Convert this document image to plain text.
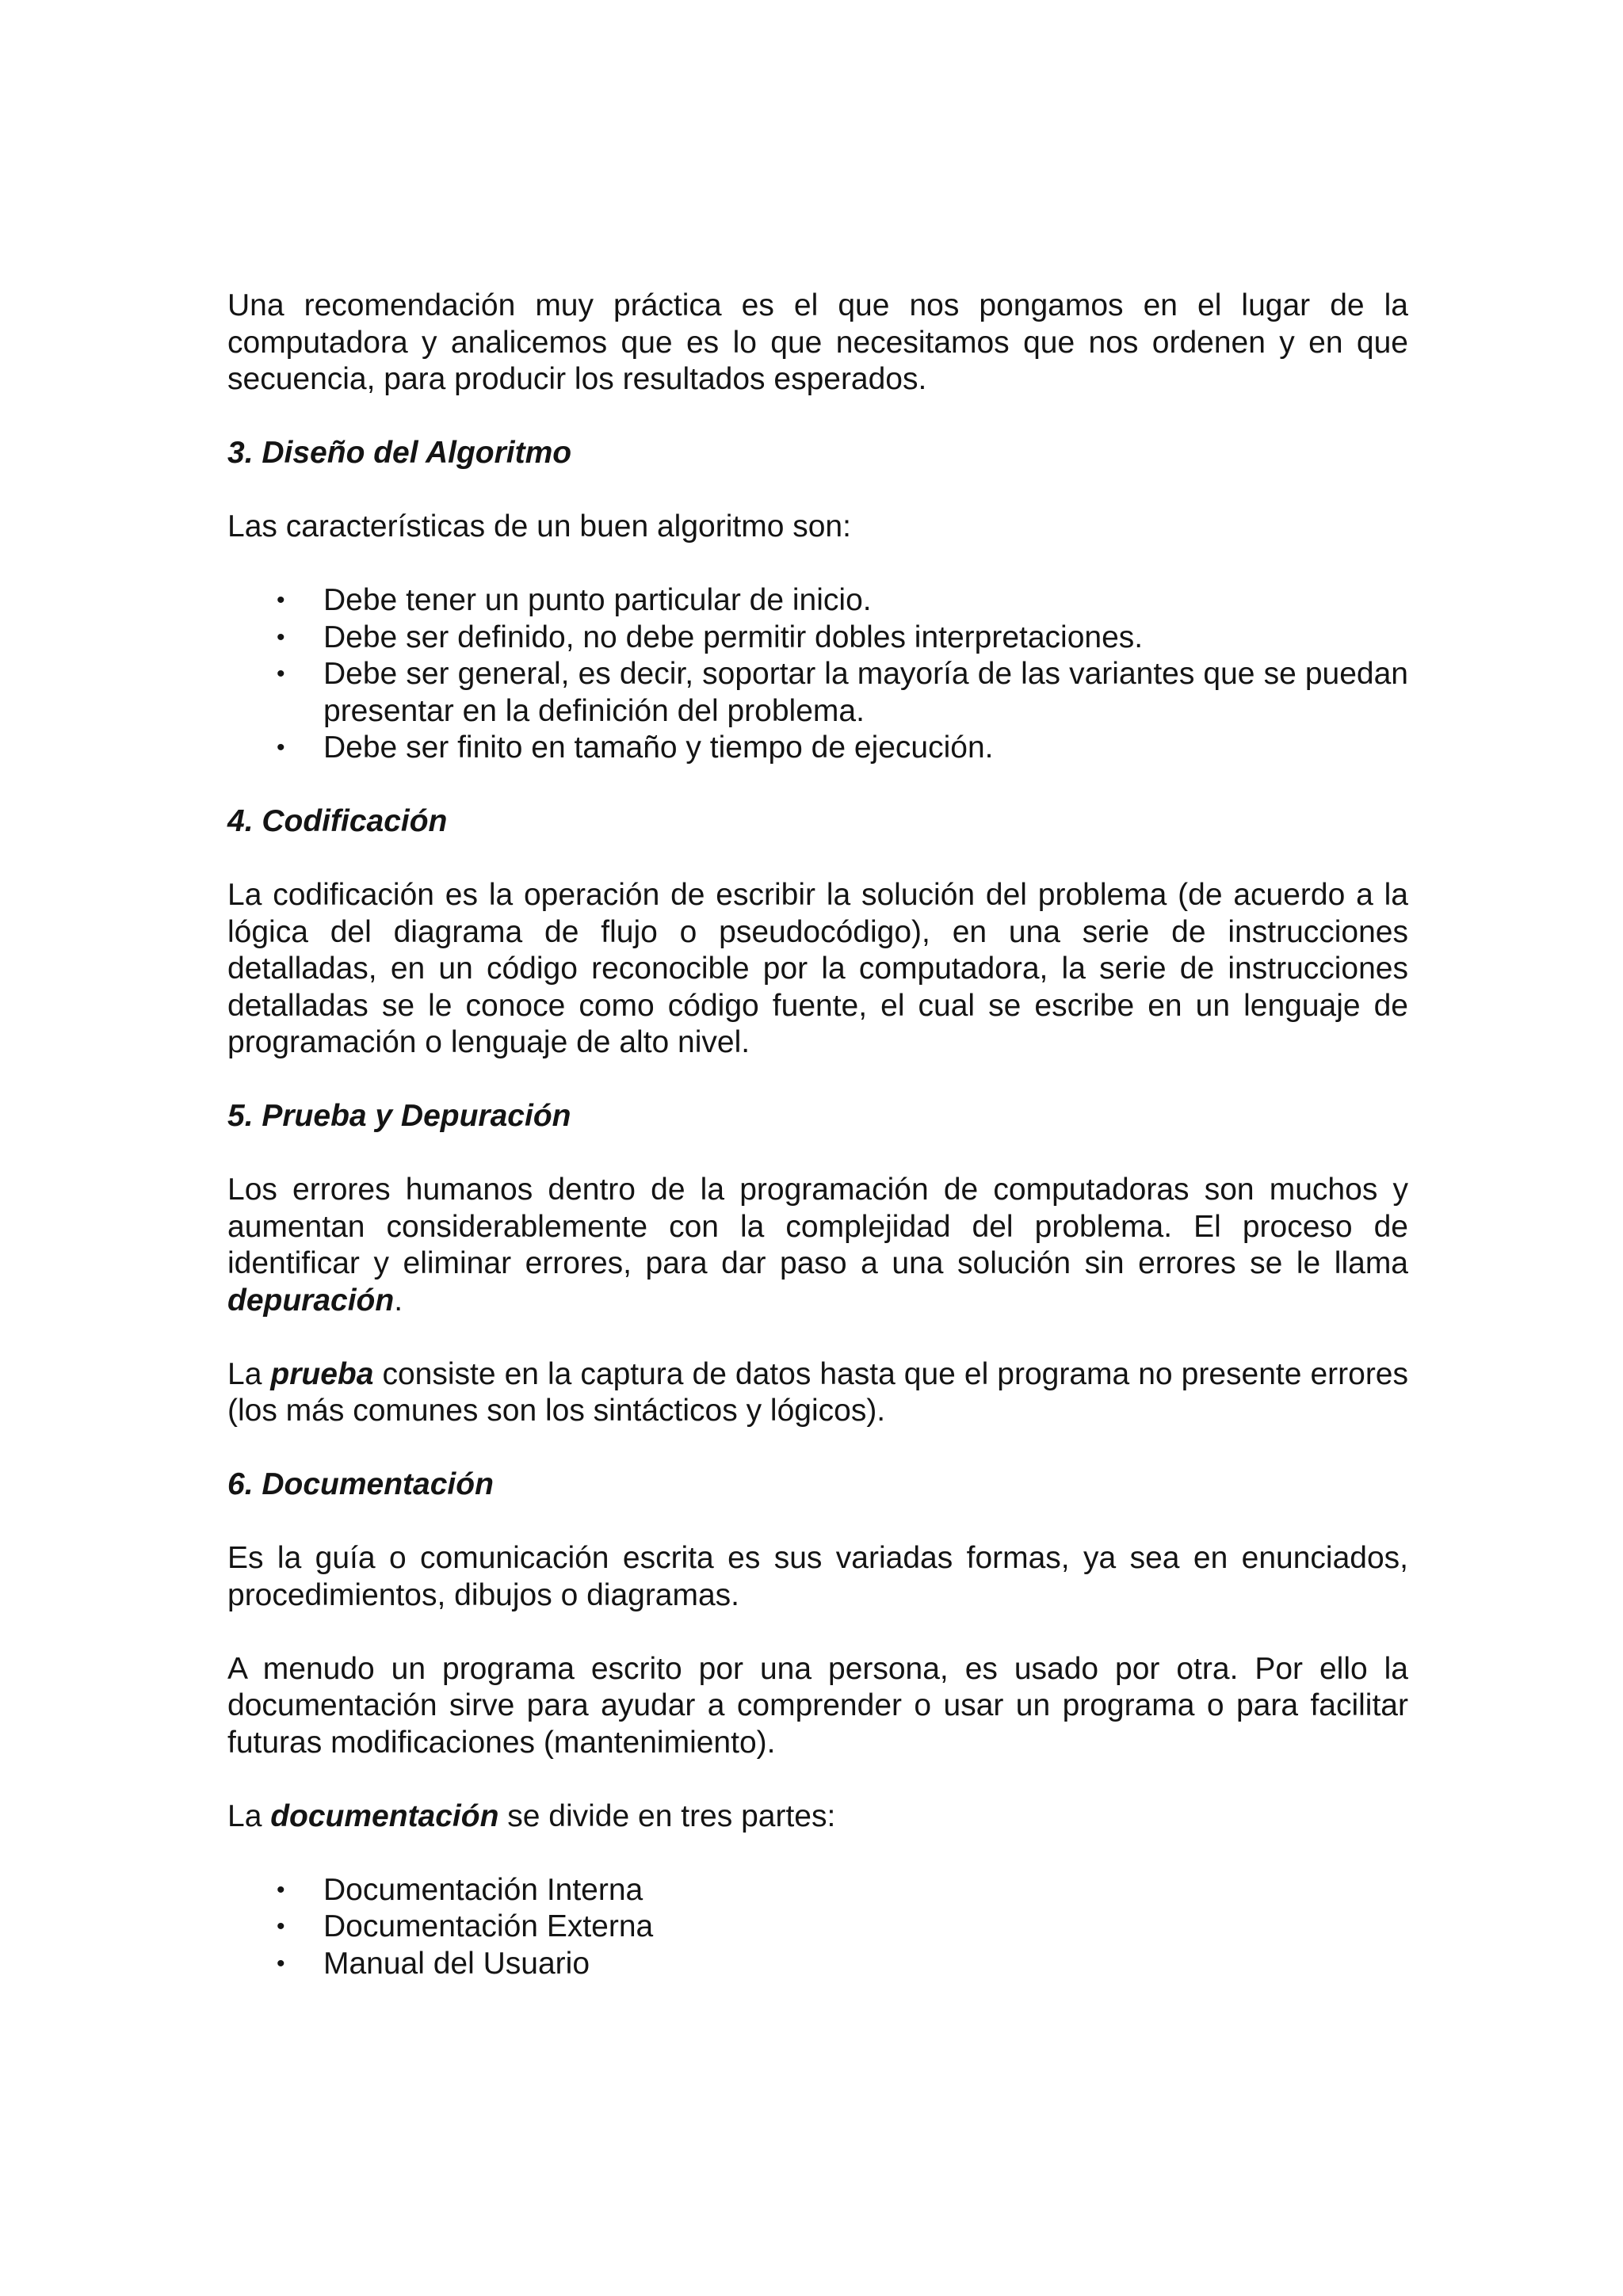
Una recomendación muy práctica es el que nos pongamos en el lugar de la computadora y analicemos que es lo que necesitamos que nos ordenen y en que secuencia, para producir los resultados esperados.

3. Diseño del Algoritmo

Las características de un buen algoritmo son:

• Debe tener un punto particular de inicio.
• Debe ser definido, no debe permitir dobles interpretaciones.
• Debe ser general, es decir, soportar la mayoría de las variantes que se puedan presentar en la definición del problema.
• Debe ser finito en tamaño y tiempo de ejecución.
4. Codificación

La codificación es la operación de escribir la solución del problema (de acuerdo a la lógica del diagrama de flujo o pseudocódigo), en una serie de instrucciones detalladas, en un código reconocible por la computadora, la serie de instrucciones detalladas se le conoce como código fuente, el cual se escribe en un lenguaje de programación o lenguaje de alto nivel.

5. Prueba y Depuración

Los errores humanos dentro de la programación de computadoras son muchos y aumentan considerablemente con la complejidad del problema. El proceso de identificar y eliminar errores, para dar paso a una solución sin errores se le llama depuración.

La prueba consiste en la captura de datos hasta que el programa no presente errores (los más comunes son los sintácticos y lógicos).

6. Documentación

Es la guía o comunicación escrita es sus variadas formas, ya sea en enunciados, procedimientos, dibujos o diagramas.

A menudo un programa escrito por una persona, es usado por otra. Por ello la documentación sirve para ayudar a comprender o usar un programa o para facilitar futuras modificaciones (mantenimiento).

La documentación se divide en tres partes:

• Documentación Interna
• Documentación Externa
• Manual del Usuario
